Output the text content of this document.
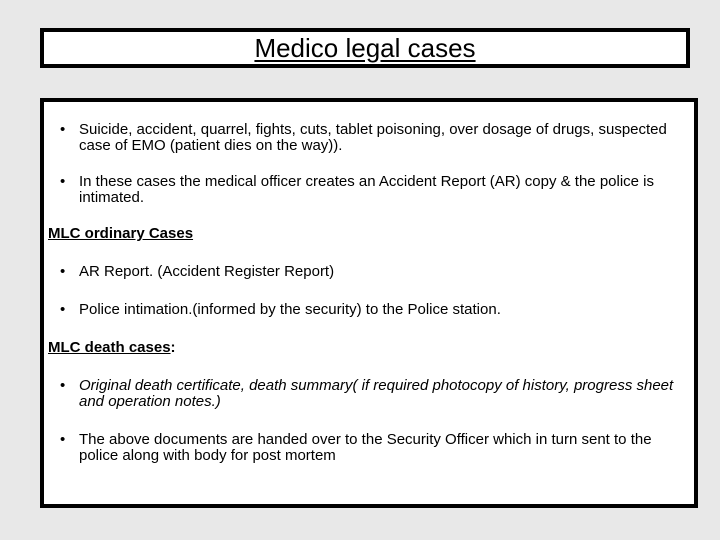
Medico legal cases
• Suicide, accident, quarrel, fights, cuts, tablet poisoning, over dosage of drugs, suspected case of EMO (patient dies on the way)).
• In these cases the medical officer creates an Accident Report (AR) copy & the police is intimated.

MLC ordinary Cases

• AR Report. (Accident Register Report)
• Police intimation.(informed by the security) to the Police station.

MLC death cases:

• Original death certificate, death summary( if required photocopy of history, progress sheet and operation notes.)
• The above documents are handed over to the Security Officer which in turn sent to the police along with body for post mortem
